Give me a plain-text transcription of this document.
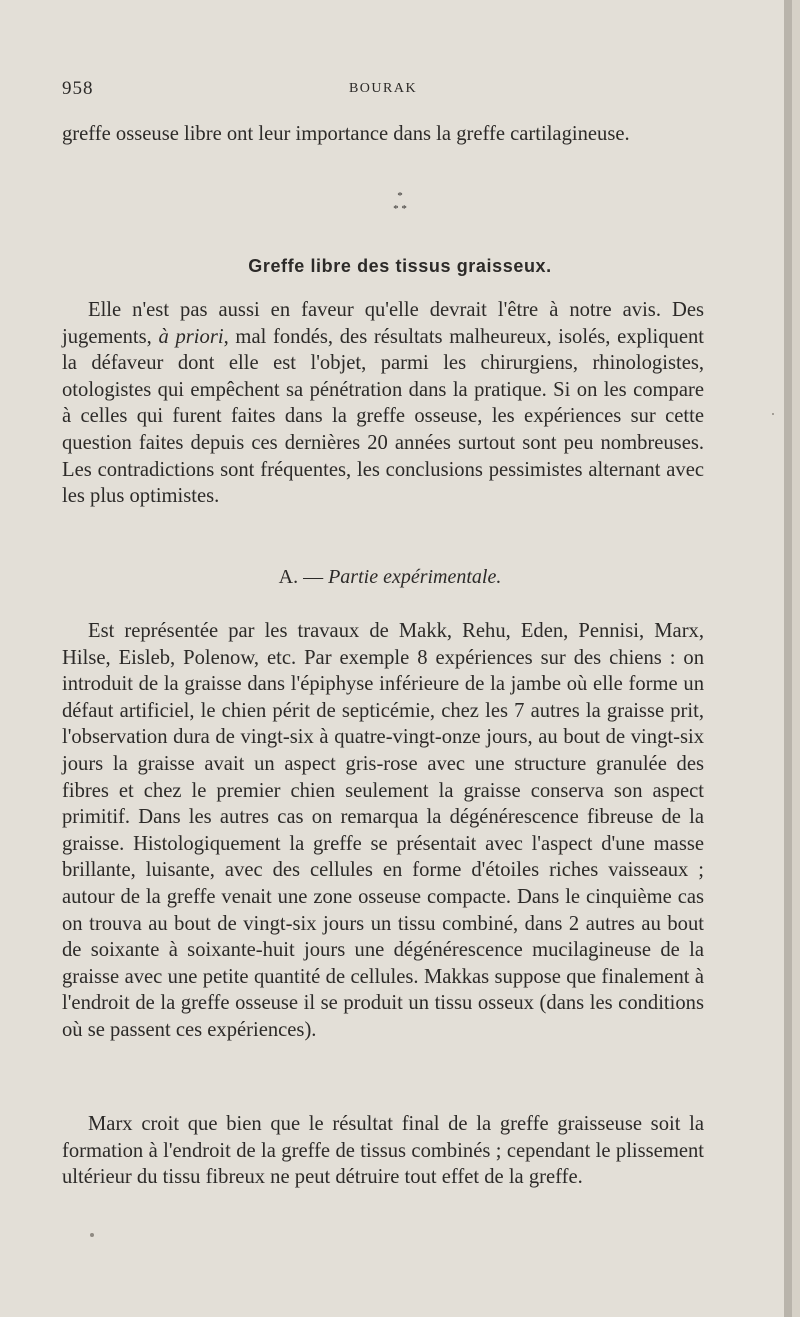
958	BOURAK

greffe osseuse libre ont leur importance dans la greffe cartilagineuse.

*
* *
Greffe libre des tissus graisseux.

Elle n'est pas aussi en faveur qu'elle devrait l'être à notre avis. Des jugements, à priori, mal fondés, des résultats malheureux, isolés, expliquent la défaveur dont elle est l'objet, parmi les chirurgiens, rhinologistes, otologistes qui empêchent sa pénétration dans la pratique. Si on les compare à celles qui furent faites dans la greffe osseuse, les expériences sur cette question faites depuis ces dernières 20 années surtout sont peu nombreuses. Les contradictions sont fréquentes, les conclusions pessimistes alternant avec les plus optimistes.

A. — Partie expérimentale.

Est représentée par les travaux de Makk, Rehu, Eden, Pennisi, Marx, Hilse, Eisleb, Polenow, etc. Par exemple 8 expériences sur des chiens : on introduit de la graisse dans l'épiphyse inférieure de la jambe où elle forme un défaut artificiel, le chien périt de septicémie, chez les 7 autres la graisse prit, l'observation dura de vingt-six à quatre-vingt-onze jours, au bout de vingt-six jours la graisse avait un aspect gris-rose avec une structure granulée des fibres et chez le premier chien seulement la graisse conserva son aspect primitif. Dans les autres cas on remarqua la dégénérescence fibreuse de la graisse. Histologiquement la greffe se présentait avec l'aspect d'une masse brillante, luisante, avec des cellules en forme d'étoiles riches vaisseaux ; autour de la greffe venait une zone osseuse compacte. Dans le cinquième cas on trouva au bout de vingt-six jours un tissu combiné, dans 2 autres au bout de soixante à soixante-huit jours une dégénérescence mucilagineuse de la graisse avec une petite quantité de cellules. Makkas suppose que finalement à l'endroit de la greffe osseuse il se produit un tissu osseux (dans les conditions où se passent ces expériences).

Marx croit que bien que le résultat final de la greffe graisseuse soit la formation à l'endroit de la greffe de tissus combinés ; cependant le plissement ultérieur du tissu fibreux ne peut détruire tout effet de la greffe.
